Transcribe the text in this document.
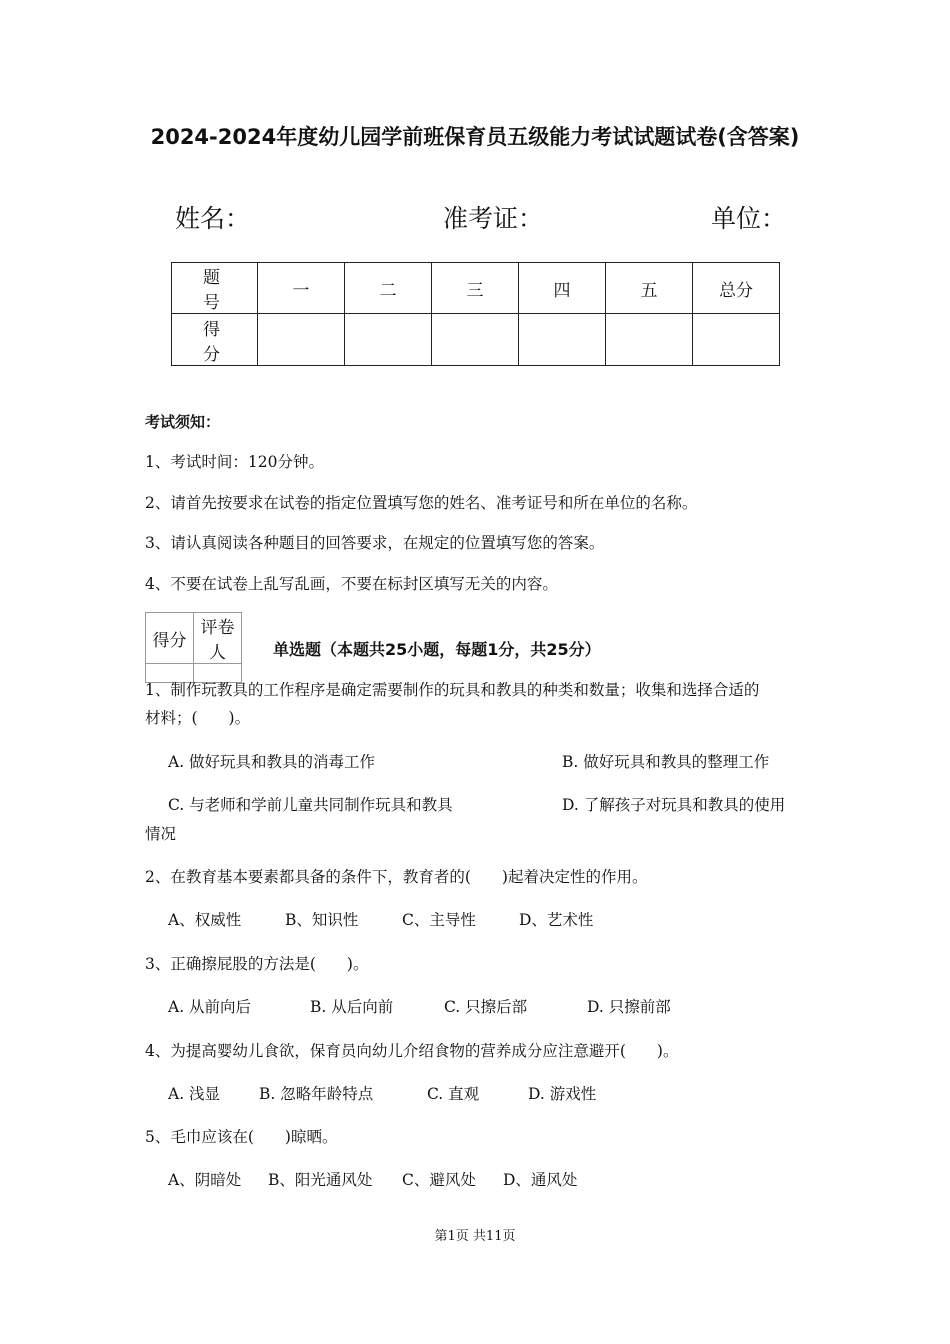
2024-2024年度幼儿园学前班保育员五级能力考试试题试卷(含答案)
姓名：	准考证：	单位：
题号	一	二	三	四	五	总分
得分						
考试须知：
1、考试时间：120分钟。
2、请首先按要求在试卷的指定位置填写您的姓名、准考证号和所在单位的名称。
3、请认真阅读各种题目的回答要求，在规定的位置填写您的答案。
4、不要在试卷上乱写乱画，不要在标封区填写无关的内容。
得分	评卷人
		单选题（本题共25小题，每题1分，共25分）
1、制作玩教具的工作程序是确定需要制作的玩具和教具的种类和数量；收集和选择合适的
材料；(　　)。
A. 做好玩具和教具的消毒工作	B. 做好玩具和教具的整理工作
C. 与老师和学前儿童共同制作玩具和教具	D. 了解孩子对玩具和教具的使用
情况
2、在教育基本要素都具备的条件下，教育者的(　　)起着决定性的作用。
A、权威性	B、知识性	C、主导性	D、艺术性
3、正确擦屁股的方法是(　　)。
A. 从前向后	B. 从后向前	C. 只擦后部	D. 只擦前部
4、为提高婴幼儿食欲，保育员向幼儿介绍食物的营养成分应注意避开(　　)。
A. 浅显	B. 忽略年龄特点	C. 直观	D. 游戏性
5、毛巾应该在(　　)晾晒。
A、阴暗处 B、阳光通风处 C、避风处 D、通风处
第1页 共11页
